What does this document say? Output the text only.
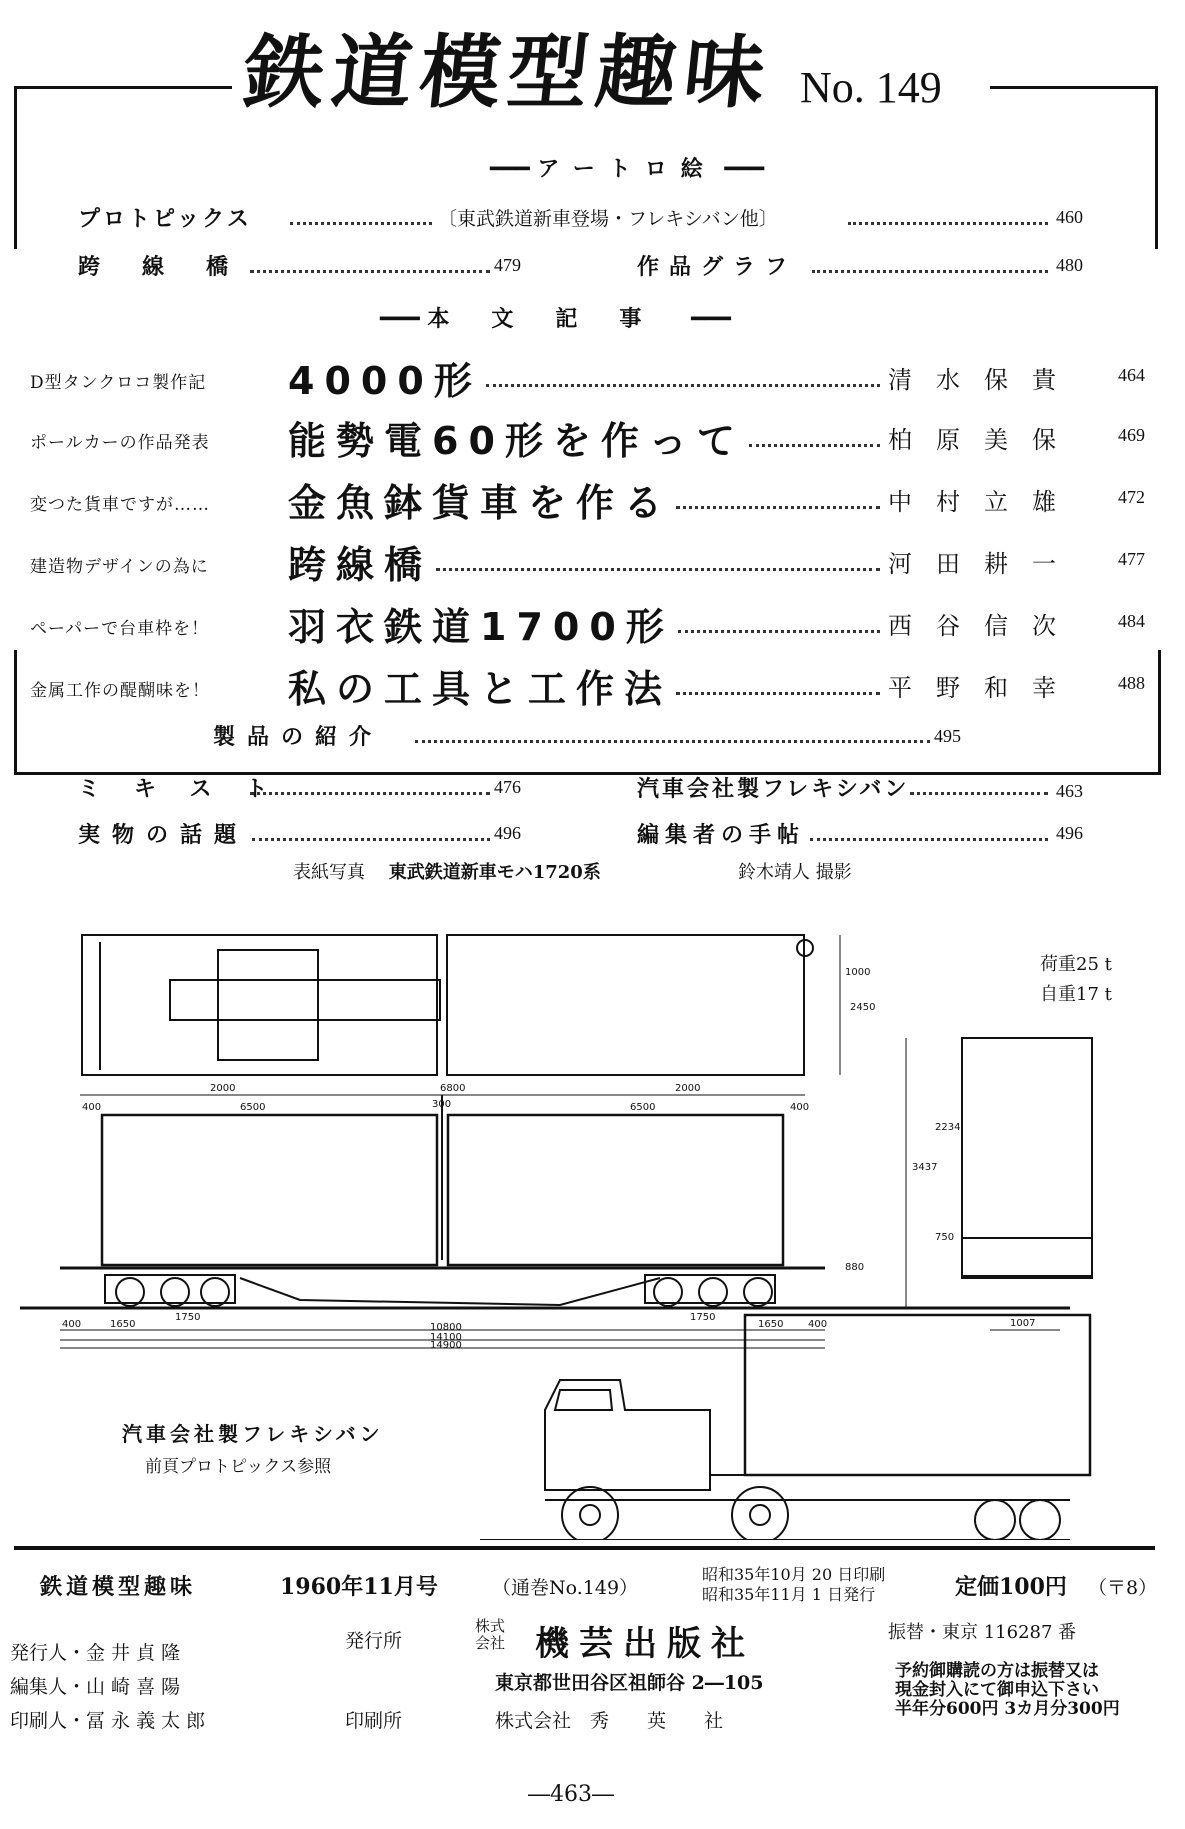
鉄道模型趣味 No. 149
━━━ アートロ絵 ━━━
プロトピックス	〔東武鉄道新車登場・フレキシバン他〕	460
跨線橋	479	作品グラフ	480
━━━ 本文記事 ━━━
D型タンクロコ製作記 4000形	清水保貴 464
ポールカーの作品発表 能勢電60形を作って	柏原美保 469
変つた貨車ですが…… 金魚鉢貨車を作る	中村立雄 472
建造物デザインの為に 跨線橋	河田耕一 477
ペーパーで台車枠を！ 羽衣鉄道1700形	西谷信次 484
金属工作の醍醐味を！ 私の工具と工作法	平野和幸 488
製品の紹介	495
ミキスト	476	汽車会社製フレキシバン	463
実物の話題	496	編集者の手帖	496
表紙写真　 東武鉄道新車モハ1720系	鈴木靖人 撮影
2000	6800	2000
1000
2450
400	6500	300	6500	400
400	1650
1750
10800
14100
14900
1750
1650 400
3437
2234
750
880
1007
荷重25 t
自重17 t
汽車会社製フレキシバン
前頁プロトピックス参照
鉄道模型趣味	1960年11月号	（通巻No.149）
昭和35年10月 20 日印刷
昭和35年11月 1 日発行	定価100円 （〒8）
発行人・金 井 貞 隆
編集人・山 崎 喜 陽
印刷人・冨 永 義 太 郎
発行所
株式
会社 機芸出版社
東京都世田谷区祖師谷 2―105
印刷所	株式会社　秀　　英　　社
振替・東京 116287 番
予約御購読の方は振替又は
現金封入にて御申込下さい
半年分600円 3カ月分300円
―463―
